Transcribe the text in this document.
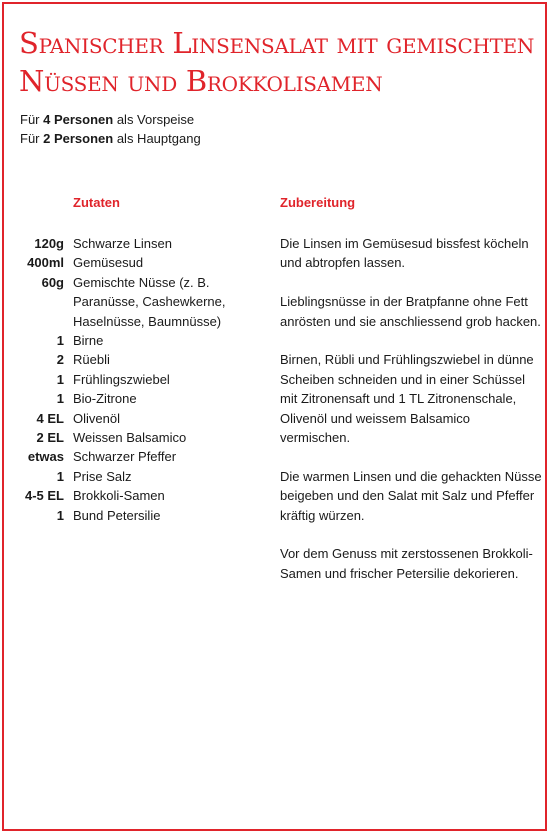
Spanischer Linsensalat mit gemischten Nüssen und Brokkolisamen
Für 4 Personen als Vorspeise
Für 2 Personen als Hauptgang
Zutaten	Zubereitung
120g Schwarze Linsen
400ml Gemüsesud
60g Gemischte Nüsse (z. B. Paranüsse, Cashewkerne, Haselnüsse, Baumnüsse)
1 Birne
2 Rüebli
1 Frühlingszwiebel
1 Bio-Zitrone
4 EL Olivenöl
2 EL Weissen Balsamico
etwas Schwarzer Pfeffer
1 Prise Salz
4-5 EL Brokkoli-Samen
1 Bund Petersilie

Die Linsen im Gemüsesud bissfest köcheln und abtropfen lassen.

Lieblingsnüsse in der Bratpfanne ohne Fett anrösten und sie anschliessend grob hacken.

Birnen, Rübli und Frühlingszwiebel in dünne Scheiben schneiden und in einer Schüssel mit Zitronensaft und 1 TL Zitronenschale, Olivenöl und weissem Balsamico vermischen.

Die warmen Linsen und die gehackten Nüsse beigeben und den Salat mit Salz und Pfeffer kräftig würzen.

Vor dem Genuss mit zerstossenen Brokkoli-Samen und frischer Petersilie dekorieren.
